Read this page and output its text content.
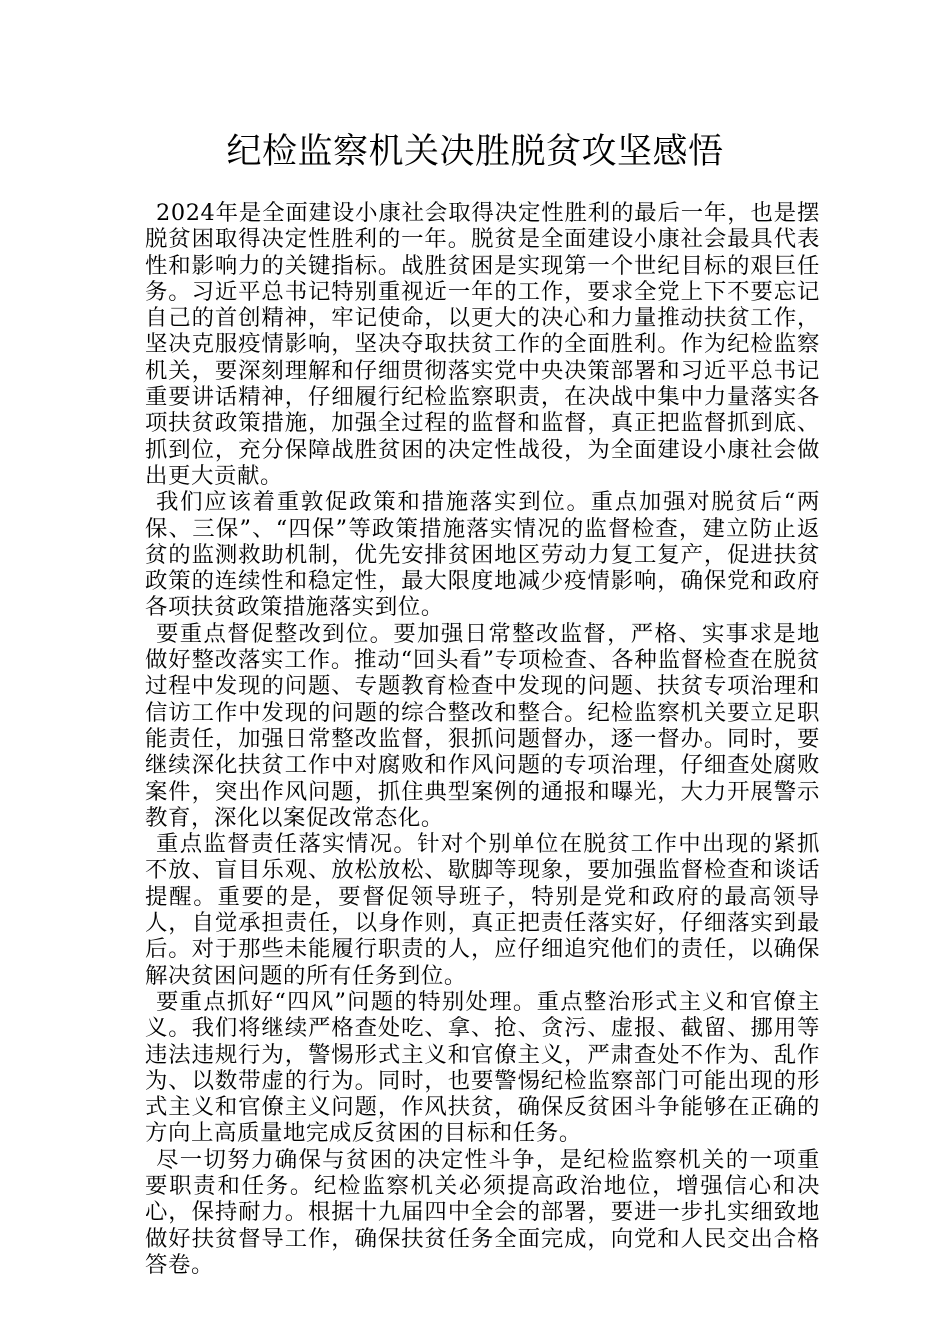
纪检监察机关决胜脱贫攻坚感悟

2024年是全面建设小康社会取得决定性胜利的最后一年，也是摆脱贫困取得决定性胜利的一年。脱贫是全面建设小康社会最具代表性和影响力的关键指标。战胜贫困是实现第一个世纪目标的艰巨任务。习近平总书记特别重视近一年的工作，要求全党上下不要忘记自己的首创精神，牢记使命，以更大的决心和力量推动扶贫工作，坚决克服疫情影响，坚决夺取扶贫工作的全面胜利。作为纪检监察机关，要深刻理解和仔细贯彻落实党中央决策部署和习近平总书记重要讲话精神，仔细履行纪检监察职责，在决战中集中力量落实各项扶贫政策措施，加强全过程的监督和监督，真正把监督抓到底、抓到位，充分保障战胜贫困的决定性战役，为全面建设小康社会做出更大贡献。

我们应该着重敦促政策和措施落实到位。重点加强对脱贫后“两保、三保”、“四保”等政策措施落实情况的监督检查，建立防止返贫的监测救助机制，优先安排贫困地区劳动力复工复产，促进扶贫政策的连续性和稳定性，最大限度地减少疫情影响，确保党和政府各项扶贫政策措施落实到位。

要重点督促整改到位。要加强日常整改监督，严格、实事求是地做好整改落实工作。推动“回头看”专项检查、各种监督检查在脱贫过程中发现的问题、专题教育检查中发现的问题、扶贫专项治理和信访工作中发现的问题的综合整改和整合。纪检监察机关要立足职能责任，加强日常整改监督，狠抓问题督办，逐一督办。同时，要继续深化扶贫工作中对腐败和作风问题的专项治理，仔细查处腐败案件，突出作风问题，抓住典型案例的通报和曝光，大力开展警示教育，深化以案促改常态化。

重点监督责任落实情况。针对个别单位在脱贫工作中出现的紧抓不放、盲目乐观、放松放松、歇脚等现象，要加强监督检查和谈话提醒。重要的是，要督促领导班子，特别是党和政府的最高领导人，自觉承担责任，以身作则，真正把责任落实好，仔细落实到最后。对于那些未能履行职责的人，应仔细追究他们的责任，以确保解决贫困问题的所有任务到位。

要重点抓好“四风”问题的特别处理。重点整治形式主义和官僚主义。我们将继续严格查处吃、拿、抢、贪污、虚报、截留、挪用等违法违规行为，警惕形式主义和官僚主义，严肃查处不作为、乱作为、以数带虚的行为。同时，也要警惕纪检监察部门可能出现的形式主义和官僚主义问题，作风扶贫，确保反贫困斗争能够在正确的方向上高质量地完成反贫困的目标和任务。

尽一切努力确保与贫困的决定性斗争，是纪检监察机关的一项重要职责和任务。纪检监察机关必须提高政治地位，增强信心和决心，保持耐力。根据十九届四中全会的部署，要进一步扎实细致地做好扶贫督导工作，确保扶贫任务全面完成，向党和人民交出合格答卷。
